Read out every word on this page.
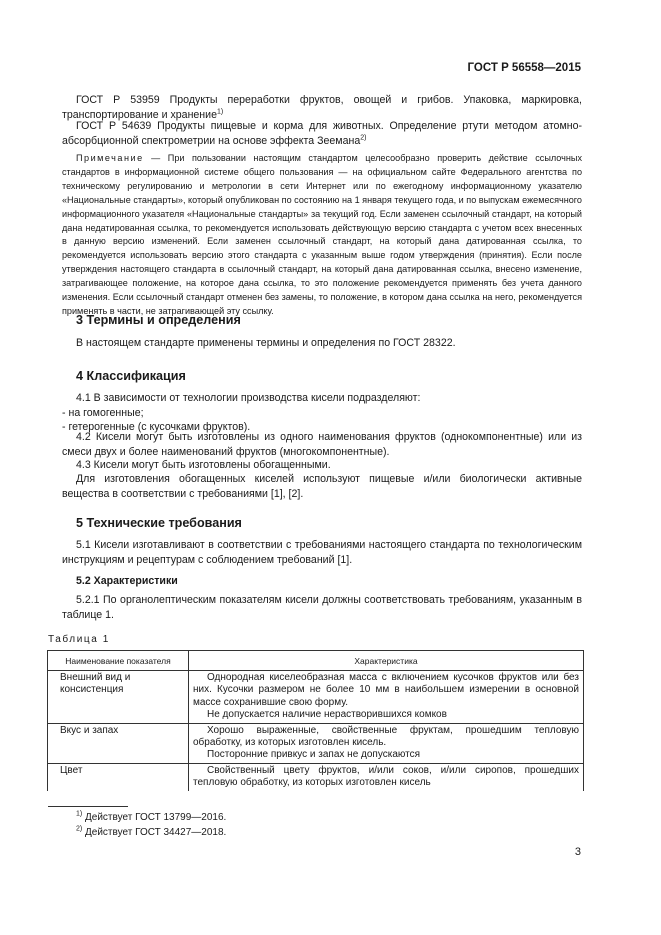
ГОСТ Р 56558—2015
ГОСТ Р 53959 Продукты переработки фруктов, овощей и грибов. Упаковка, маркировка, транспортирование и хранение$^{1)}$
ГОСТ Р 54639 Продукты пищевые и корма для животных. Определение ртути методом атомно-абсорбционной спектрометрии на основе эффекта Зеемана$^{2)}$
Примечание — При пользовании настоящим стандартом целесообразно проверить действие ссылочных стандартов в информационной системе общего пользования — на официальном сайте Федерального агентства по техническому регулированию и метрологии в сети Интернет или по ежегодному информационному указателю «Национальные стандарты», который опубликован по состоянию на 1 января текущего года, и по выпускам ежемесячного информационного указателя «Национальные стандарты» за текущий год. Если заменен ссылочный стандарт, на который дана недатированная ссылка, то рекомендуется использовать действующую версию стандарта с учетом всех внесенных в данную версию изменений. Если заменен ссылочный стандарт, на который дана датированная ссылка, то рекомендуется использовать версию этого стандарта с указанным выше годом утверждения (принятия). Если после утверждения настоящего стандарта в ссылочный стандарт, на который дана датированная ссылка, внесено изменение, затрагивающее положение, на которое дана ссылка, то это положение рекомендуется применять без учета данного изменения. Если ссылочный стандарт отменен без замены, то положение, в котором дана ссылка на него, рекомендуется применять в части, не затрагивающей эту ссылку.
3 Термины и определения
В настоящем стандарте применены термины и определения по ГОСТ 28322.
4 Классификация
4.1 В зависимости от технологии производства кисели подразделяют:
- на гомогенные;
- гетерогенные (с кусочками фруктов).
4.2 Кисели могут быть изготовлены из одного наименования фруктов (однокомпонентные) или из смеси двух и более наименований фруктов (многокомпонентные).
4.3 Кисели могут быть изготовлены обогащенными.
Для изготовления обогащенных киселей используют пищевые и/или биологически активные вещества в соответствии с требованиями [1], [2].
5 Технические требования
5.1 Кисели изготавливают в соответствии с требованиями настоящего стандарта по технологическим инструкциям и рецептурам с соблюдением требований [1].
5.2 Характеристики
5.2.1 По органолептическим показателям кисели должны соответствовать требованиям, указанным в таблице 1.
Таблица 1
Наименование показателя	Характеристика
Внешний вид и консистенция	Однородная киселеобразная масса с включением кусочков фруктов или без них. Кусочки размером не более 10 мм в наибольшем измерении в основной массе сохранившие свою форму.

Не допускается наличие нерастворившихся комков

Вкус и запах	Хорошо выраженные, свойственные фруктам, прошедшим тепловую обработку, из которых изготовлен кисель.

Посторонние привкус и запах не допускаются

Цвет	Свойственный цвету фруктов, и/или соков, и/или сиропов, прошедших тепловую обработку, из которых изготовлен кисель

$^{1)}$ Действует ГОСТ 13799—2016.
$^{2)}$ Действует ГОСТ 34427—2018.
3
